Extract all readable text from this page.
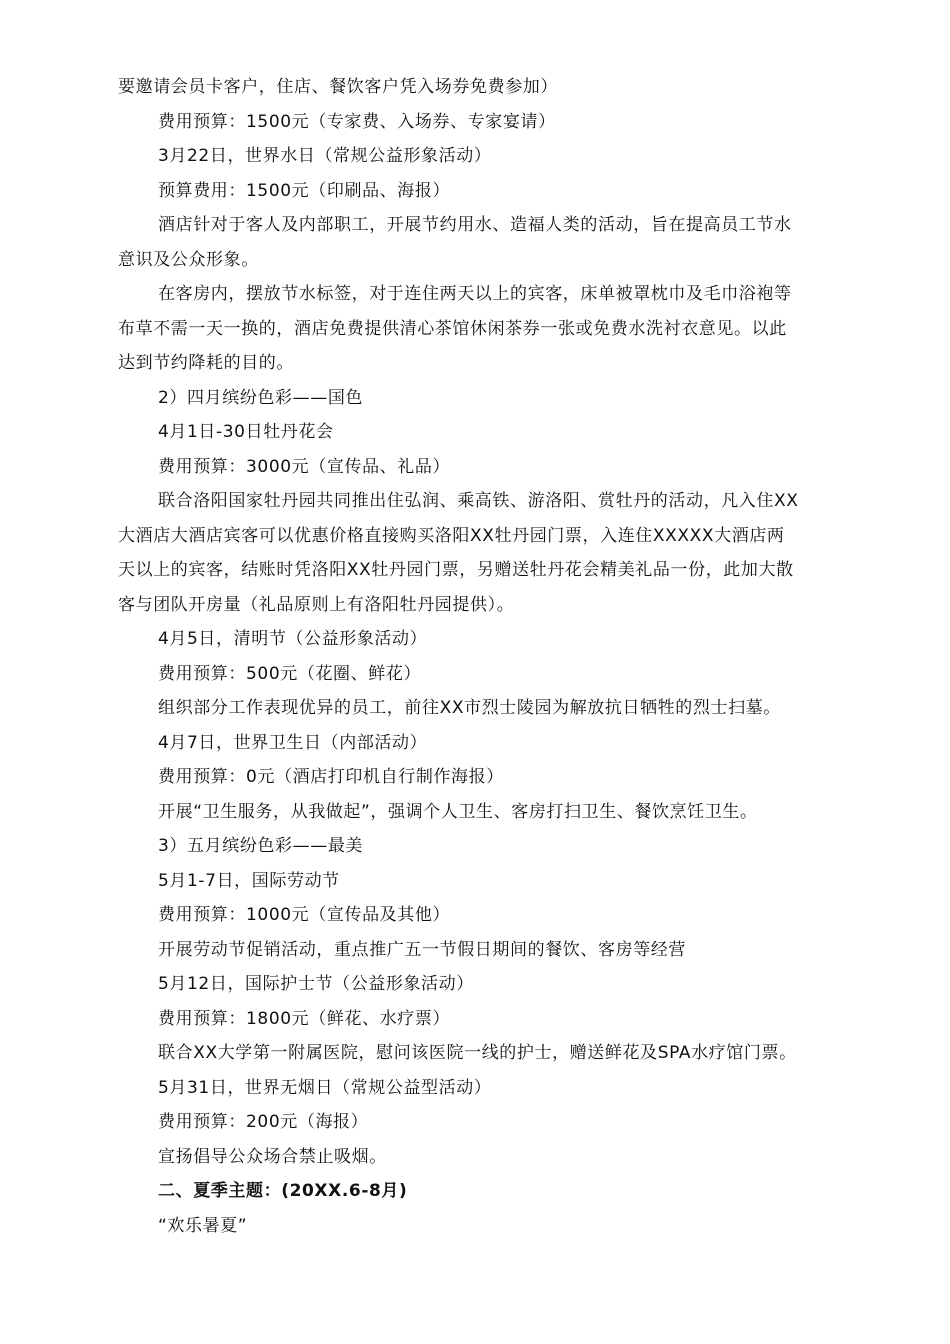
要邀请会员卡客户，住店、餐饮客户凭入场券免费参加）
费用预算：1500元（专家费、入场券、专家宴请）
3月22日，世界水日（常规公益形象活动）
预算费用：1500元（印刷品、海报）
酒店针对于客人及内部职工，开展节约用水、造福人类的活动，旨在提高员工节水
意识及公众形象。
在客房内，摆放节水标签，对于连住两天以上的宾客，床单被罩枕巾及毛巾浴袍等
布草不需一天一换的，酒店免费提供清心茶馆休闲茶券一张或免费水洗衬衣意见。以此
达到节约降耗的目的。
2）四月缤纷色彩——国色
4月1日-30日牡丹花会
费用预算：3000元（宣传品、礼品）
联合洛阳国家牡丹园共同推出住弘润、乘高铁、游洛阳、赏牡丹的活动，凡入住XX
大酒店大酒店宾客可以优惠价格直接购买洛阳XX牡丹园门票，入连住XXXXX大酒店两
天以上的宾客，结账时凭洛阳XX牡丹园门票，另赠送牡丹花会精美礼品一份，此加大散
客与团队开房量（礼品原则上有洛阳牡丹园提供）。
4月5日，清明节（公益形象活动）
费用预算：500元（花圈、鲜花）
组织部分工作表现优异的员工，前往XX市烈士陵园为解放抗日牺牲的烈士扫墓。
4月7日，世界卫生日（内部活动）
费用预算：0元（酒店打印机自行制作海报）
开展“卫生服务，从我做起”，强调个人卫生、客房打扫卫生、餐饮烹饪卫生。
3）五月缤纷色彩——最美
5月1-7日，国际劳动节
费用预算：1000元（宣传品及其他）
开展劳动节促销活动，重点推广五一节假日期间的餐饮、客房等经营
5月12日，国际护士节（公益形象活动）
费用预算：1800元（鲜花、水疗票）
联合XX大学第一附属医院，慰问该医院一线的护士，赠送鲜花及SPA水疗馆门票。
5月31日，世界无烟日（常规公益型活动）
费用预算：200元（海报）
宣扬倡导公众场合禁止吸烟。
二、夏季主题：(20XX.6-8月)
“欢乐暑夏”
